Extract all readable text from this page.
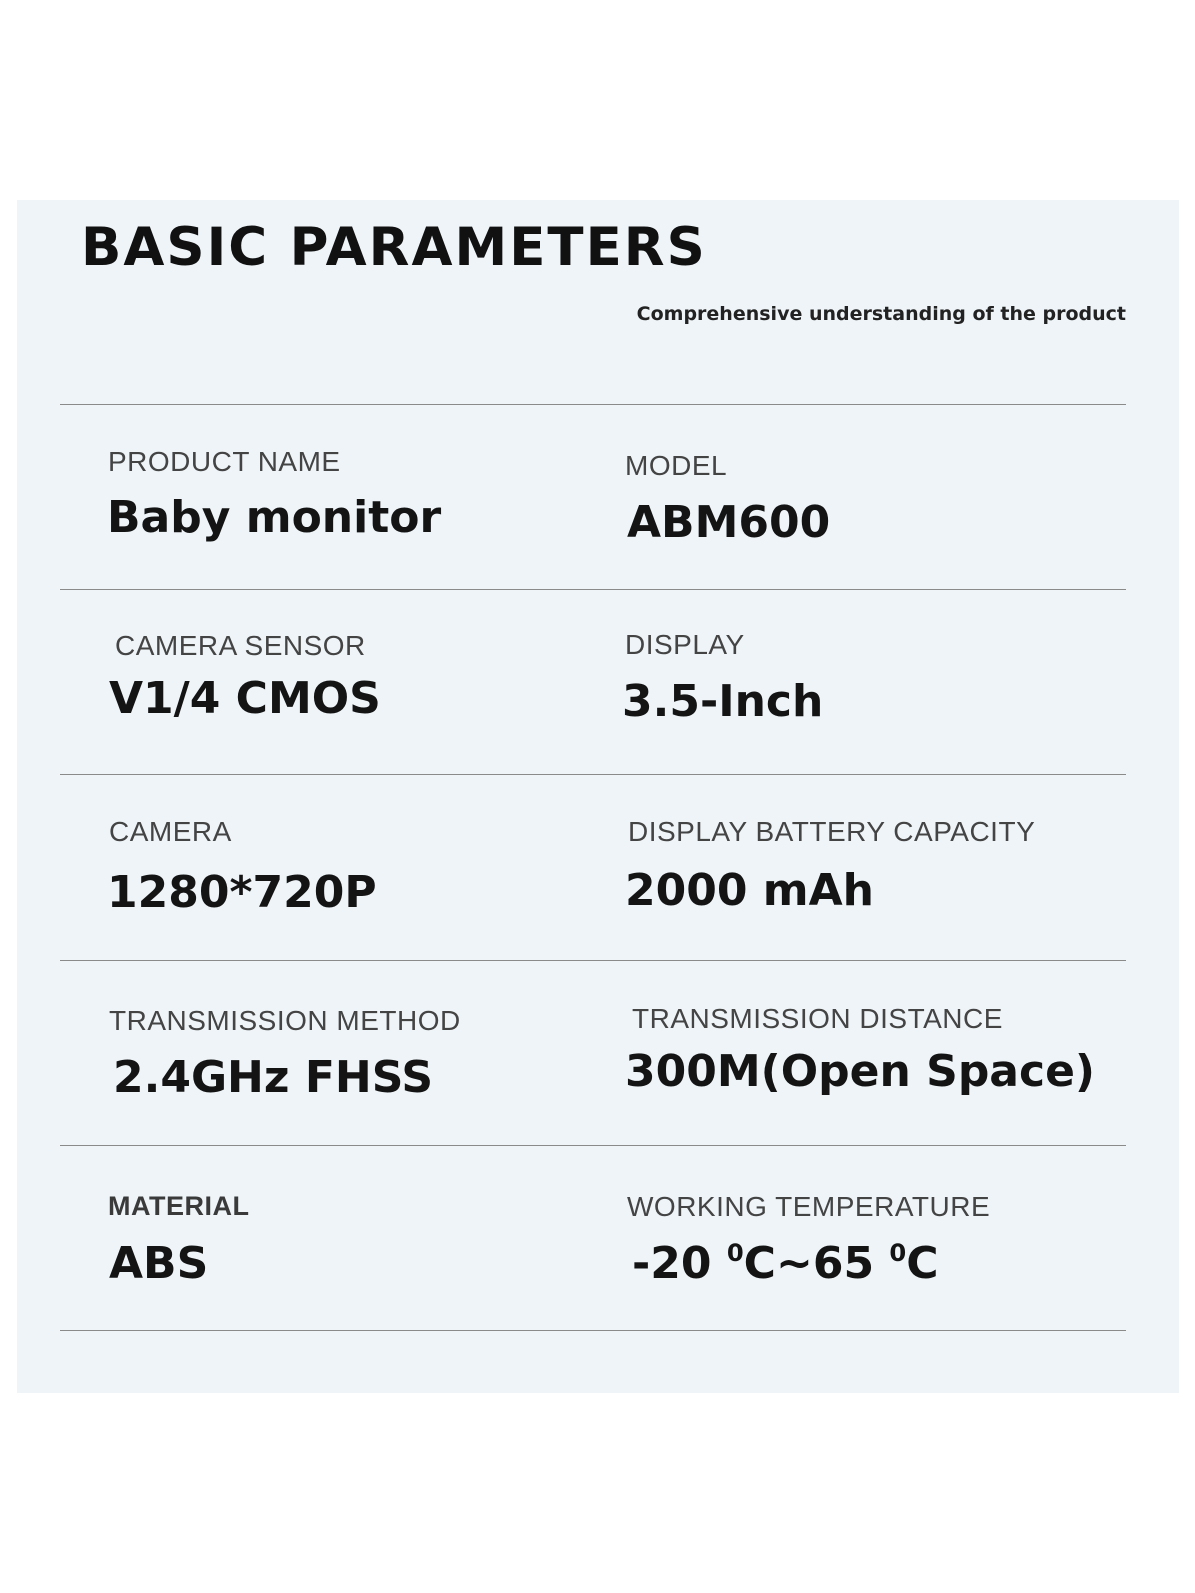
BASIC PARAMETERS
Comprehensive understanding of the product
PRODUCT NAME
Baby monitor
MODEL
ABM600
CAMERA SENSOR
V1/4 CMOS
DISPLAY
3.5-Inch
CAMERA
1280*720P
DISPLAY BATTERY CAPACITY
2000 mAh
TRANSMISSION METHOD
2.4GHz FHSS
TRANSMISSION DISTANCE
300M(Open Space)
MATERIAL
ABS
WORKING TEMPERATURE
-20 $^0$C~65 $^0$C
